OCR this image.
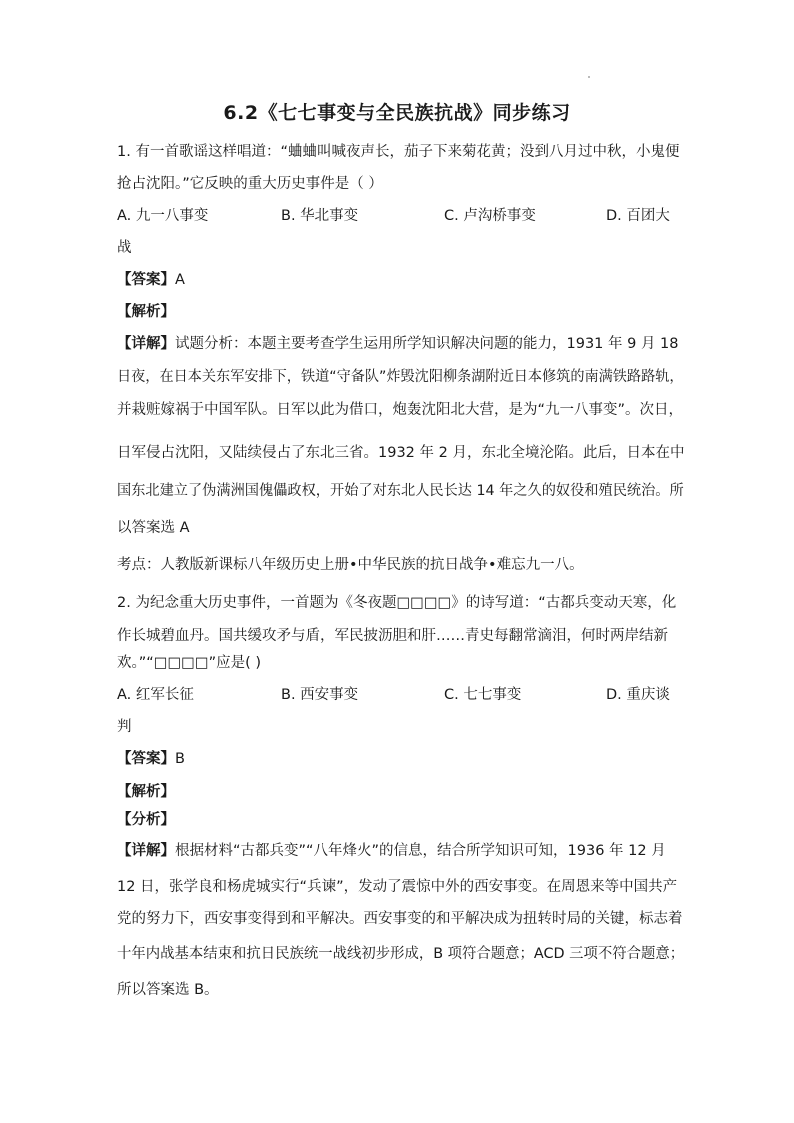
6.2《七七事变与全民族抗战》同步练习
1. 有一首歌谣这样唱道：“蛐蛐叫喊夜声长，茄子下来菊花黄；没到八月过中秋，小鬼便
抢占沈阳。”它反映的重大历史事件是（ ）
A. 九一八事变	B. 华北事变	C. 卢沟桥事变	D. 百团大
战
【答案】A
【解析】
【详解】试题分析：本题主要考查学生运用所学知识解决问题的能力，1931 年 9 月 18
日夜，在日本关东军安排下，铁道“守备队”炸毁沈阳柳条湖附近日本修筑的南满铁路路轨，
并栽赃嫁祸于中国军队。日军以此为借口，炮轰沈阳北大营，是为“九一八事变”。次日，
日军侵占沈阳，又陆续侵占了东北三省。1932 年 2 月，东北全境沦陷。此后，日本在中
国东北建立了伪满洲国傀儡政权，开始了对东北人民长达 14 年之久的奴役和殖民统治。所
以答案选 A
考点：人教版新课标八年级历史上册•中华民族的抗日战争•难忘九一八。
2. 为纪念重大历史事件，一首题为《冬夜题□□□□》的诗写道：“古都兵变动天寒，化
作长城碧血丹。国共缓攻矛与盾，军民披沥胆和肝……青史每翻常滴泪，何时两岸结新
欢。”“□□□□”应是( )
A. 红军长征	B. 西安事变	C. 七七事变	D. 重庆谈
判
【答案】B
【解析】
【分析】
【详解】根据材料“古都兵变”“八年烽火”的信息，结合所学知识可知，1936 年 12 月
12 日，张学良和杨虎城实行“兵谏”，发动了震惊中外的西安事变。在周恩来等中国共产
党的努力下，西安事变得到和平解决。西安事变的和平解决成为扭转时局的关键，标志着
十年内战基本结束和抗日民族统一战线初步形成，B 项符合题意；ACD 三项不符合题意；
所以答案选 B。
